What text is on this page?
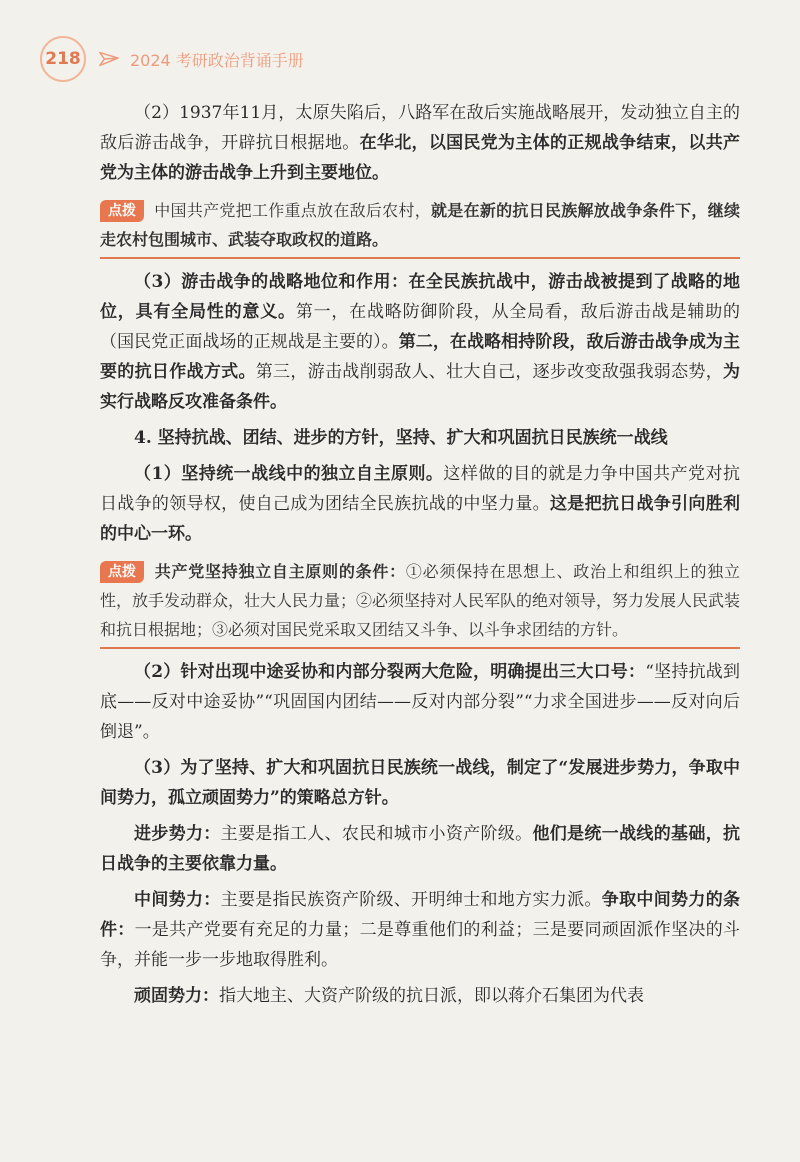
218	2024 考研政治背诵手册

（2）1937年11月，太原失陷后，八路军在敌后实施战略展开，发动独立自主的敌后游击战争，开辟抗日根据地。在华北，以国民党为主体的正规战争结束，以共产党为主体的游击战争上升到主要地位。

点拨 中国共产党把工作重点放在敌后农村，就是在新的抗日民族解放战争条件下，继续走农村包围城市、武装夺取政权的道路。

（3）游击战争的战略地位和作用：在全民族抗战中，游击战被提到了战略的地位，具有全局性的意义。第一，在战略防御阶段，从全局看，敌后游击战是辅助的（国民党正面战场的正规战是主要的）。第二，在战略相持阶段，敌后游击战争成为主要的抗日作战方式。第三，游击战削弱敌人、壮大自己，逐步改变敌强我弱态势，为实行战略反攻准备条件。

4. 坚持抗战、团结、进步的方针，坚持、扩大和巩固抗日民族统一战线

（1）坚持统一战线中的独立自主原则。这样做的目的就是力争中国共产党对抗日战争的领导权，使自己成为团结全民族抗战的中坚力量。这是把抗日战争引向胜利的中心一环。

点拨 共产党坚持独立自主原则的条件：①必须保持在思想上、政治上和组织上的独立性，放手发动群众，壮大人民力量；②必须坚持对人民军队的绝对领导，努力发展人民武装和抗日根据地；③必须对国民党采取又团结又斗争、以斗争求团结的方针。

（2）针对出现中途妥协和内部分裂两大危险，明确提出三大口号：“坚持抗战到底——反对中途妥协”“巩固国内团结——反对内部分裂”“力求全国进步——反对向后倒退”。

（3）为了坚持、扩大和巩固抗日民族统一战线，制定了“发展进步势力，争取中间势力，孤立顽固势力”的策略总方针。

进步势力：主要是指工人、农民和城市小资产阶级。他们是统一战线的基础，抗日战争的主要依靠力量。

中间势力：主要是指民族资产阶级、开明绅士和地方实力派。争取中间势力的条件：一是共产党要有充足的力量；二是尊重他们的利益；三是要同顽固派作坚决的斗争，并能一步一步地取得胜利。

顽固势力：指大地主、大资产阶级的抗日派，即以蒋介石集团为代表
